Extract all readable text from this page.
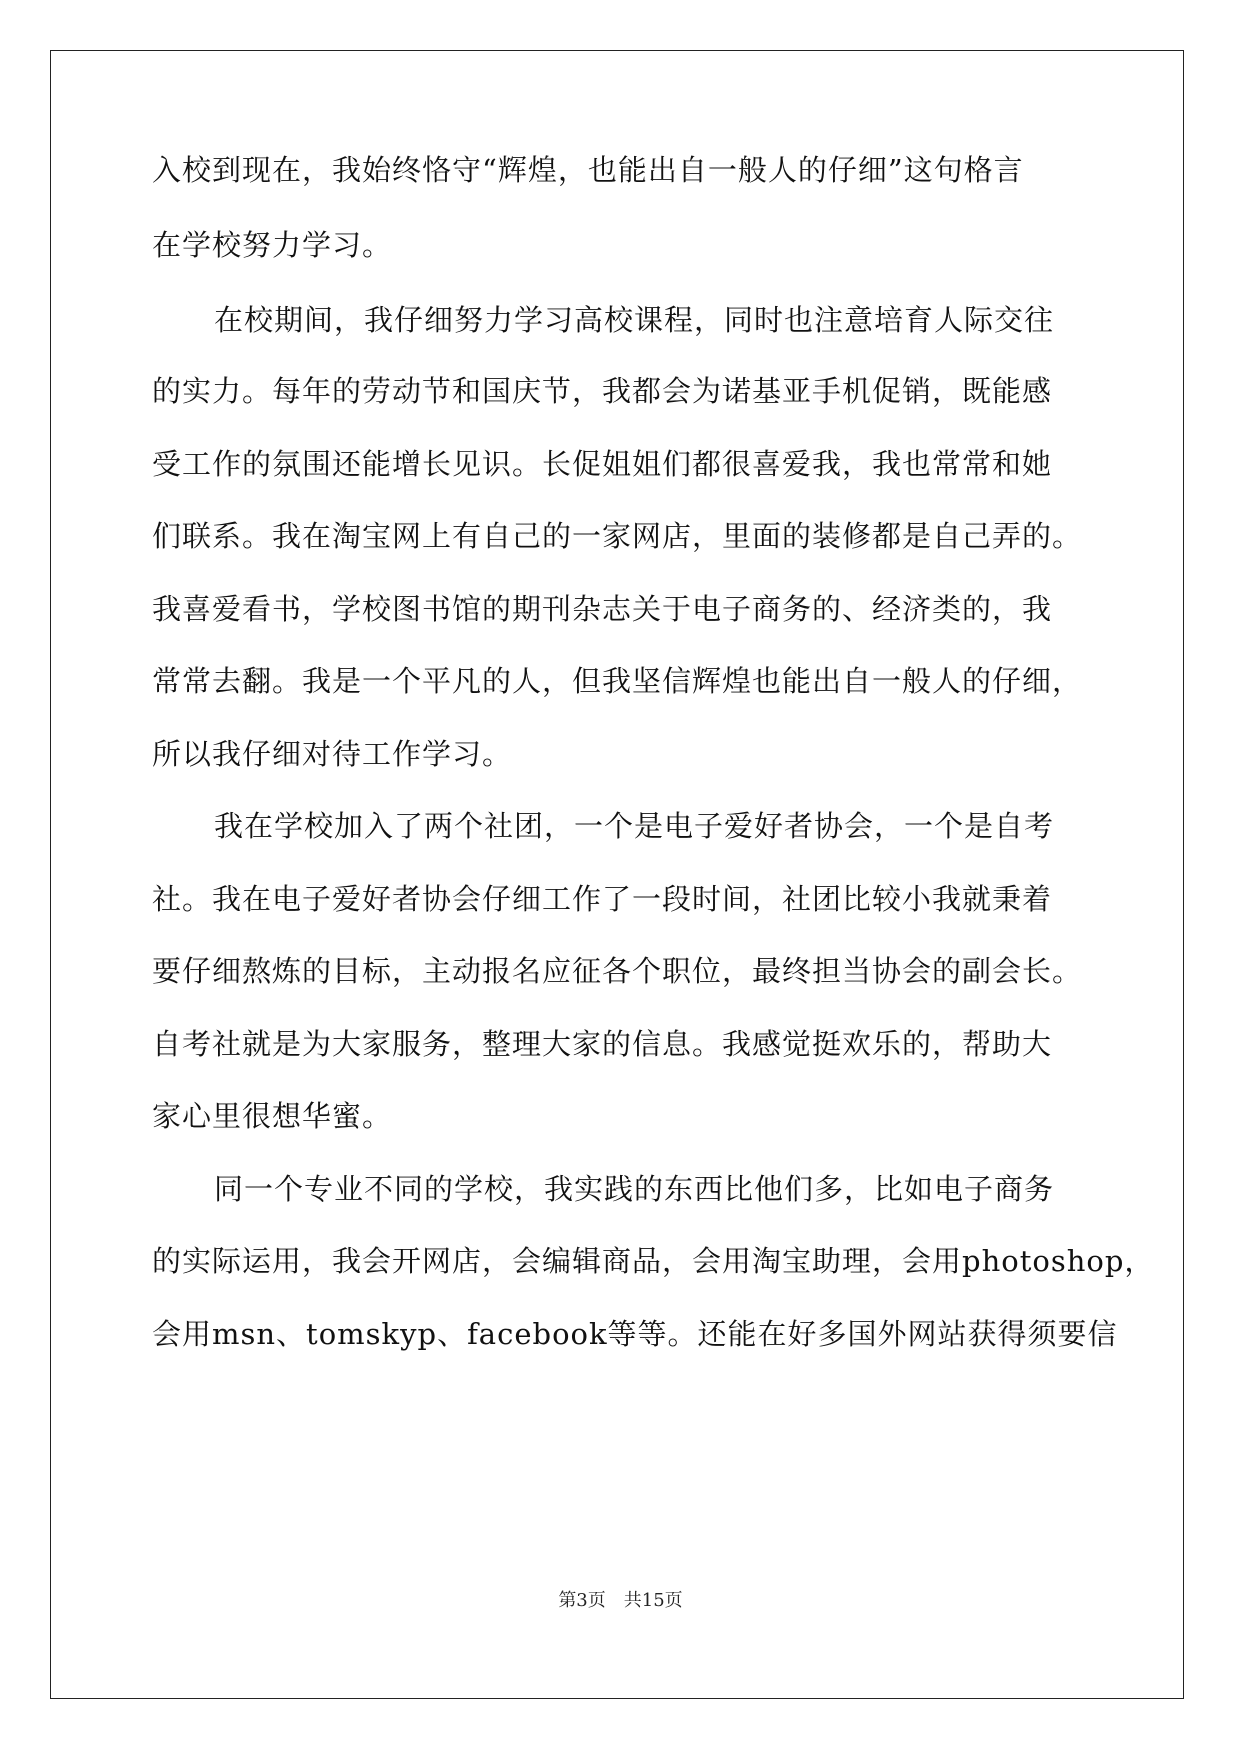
入校到现在，我始终恪守“辉煌，也能出自一般人的仔细”这句格言
在学校努力学习。
在校期间，我仔细努力学习高校课程，同时也注意培育人际交往
的实力。每年的劳动节和国庆节，我都会为诺基亚手机促销，既能感
受工作的氛围还能增长见识。长促姐姐们都很喜爱我，我也常常和她
们联系。我在淘宝网上有自己的一家网店，里面的装修都是自己弄的。
我喜爱看书，学校图书馆的期刊杂志关于电子商务的、经济类的，我
常常去翻。我是一个平凡的人，但我坚信辉煌也能出自一般人的仔细，
所以我仔细对待工作学习。
我在学校加入了两个社团，一个是电子爱好者协会，一个是自考
社。我在电子爱好者协会仔细工作了一段时间，社团比较小我就秉着
要仔细熬炼的目标，主动报名应征各个职位，最终担当协会的副会长。
自考社就是为大家服务，整理大家的信息。我感觉挺欢乐的，帮助大
家心里很想华蜜。
同一个专业不同的学校，我实践的东西比他们多，比如电子商务
的实际运用，我会开网店，会编辑商品，会用淘宝助理，会用photoshop，
会用msn、tomskyp、facebook等等。还能在好多国外网站获得须要信
第3页　共15页
